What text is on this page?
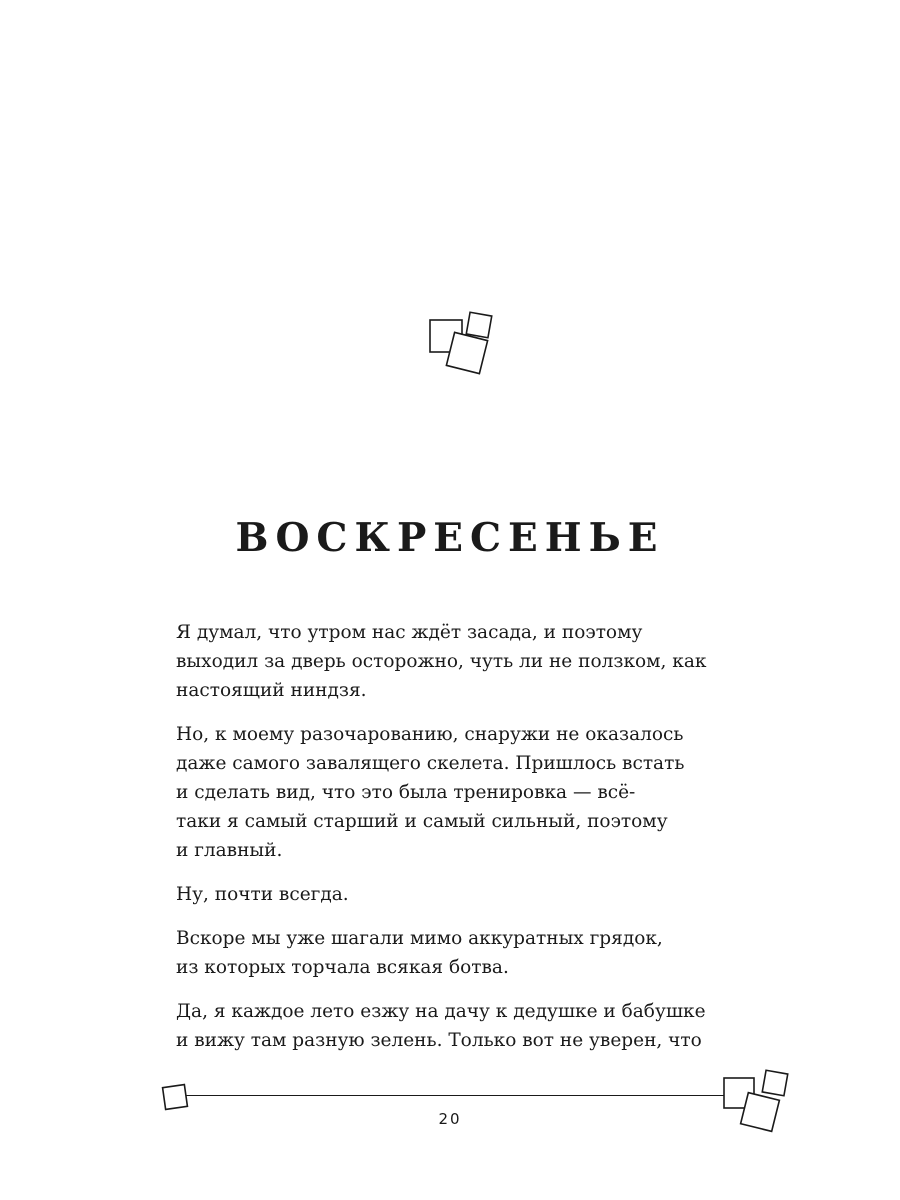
ВОСКРЕСЕНЬЕ

Я думал, что утром нас ждёт засада, и поэтому
выходил за дверь осторожно, чуть ли не ползком, как
настоящий ниндзя.

Но, к моему разочарованию, снаружи не оказалось
даже самого завалящего скелета. Пришлось встать
и сделать вид, что это была тренировка — всё-
таки я самый старший и самый сильный, поэтому
и главный.

Ну, почти всегда.

Вскоре мы уже шагали мимо аккуратных грядок,
из которых торчала всякая ботва.

Да, я каждое лето езжу на дачу к дедушке и бабушке
и вижу там разную зелень. Только вот не уверен, что

20
